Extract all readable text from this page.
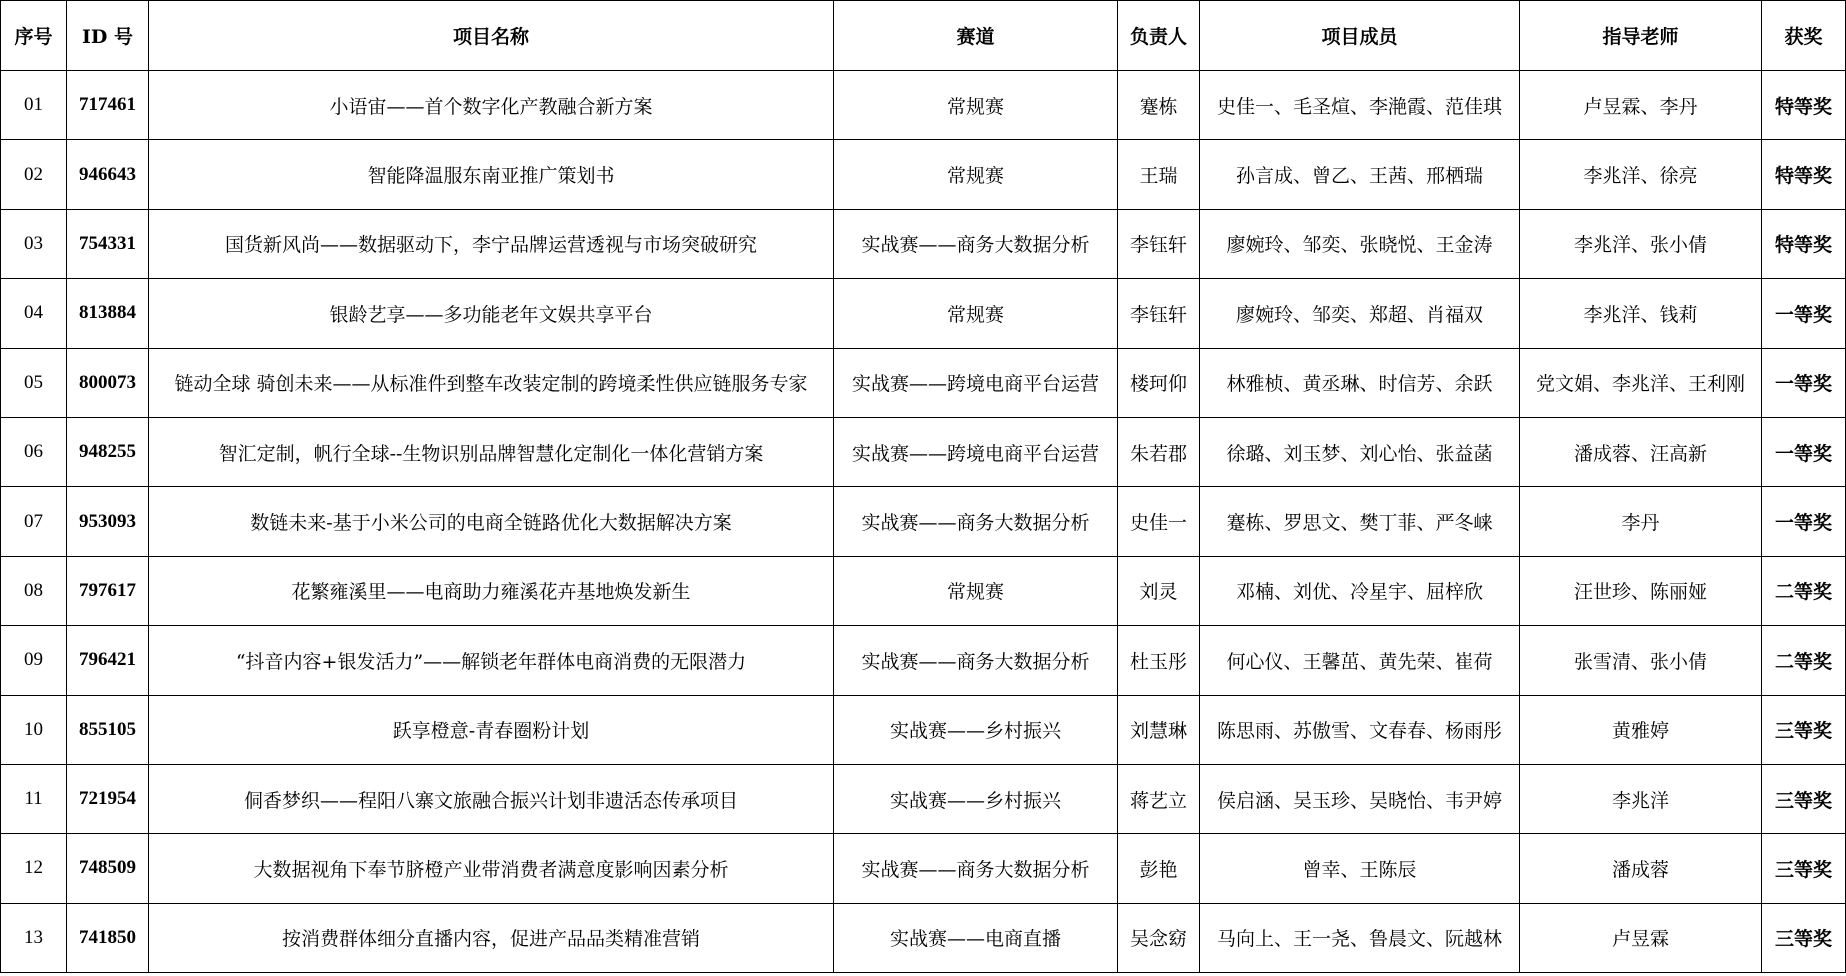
序号	ID 号	项目名称	赛道	负责人	项目成员	指导老师	获奖
01	717461	小语宙——首个数字化产教融合新方案	常规赛	蹇栋	史佳一、毛圣煊、李滟霞、范佳琪	卢昱霖、李丹	特等奖
02	946643	智能降温服东南亚推广策划书	常规赛	王瑞	孙言成、曾乙、王茜、邢栖瑞	李兆洋、徐亮	特等奖
03	754331	国货新风尚——数据驱动下，李宁品牌运营透视与市场突破研究	实战赛——商务大数据分析	李钰轩	廖婉玲、邹奕、张晓悦、王金涛	李兆洋、张小倩	特等奖
04	813884	银龄艺享——多功能老年文娱共享平台	常规赛	李钰轩	廖婉玲、邹奕、郑超、肖福双	李兆洋、钱莉	一等奖
05	800073	链动全球 骑创未来——从标准件到整车改装定制的跨境柔性供应链服务专家	实战赛——跨境电商平台运营	楼珂仰	林雅桢、黄丞琳、时信芳、余跃	党文娟、李兆洋、王利刚	一等奖
06	948255	智汇定制，帆行全球--生物识别品牌智慧化定制化一体化营销方案	实战赛——跨境电商平台运营	朱若郡	徐璐、刘玉梦、刘心怡、张益菡	潘成蓉、汪高新	一等奖
07	953093	数链未来-基于小米公司的电商全链路优化大数据解决方案	实战赛——商务大数据分析	史佳一	蹇栋、罗思文、樊丁菲、严冬崃	李丹	一等奖
08	797617	花繁雍溪里——电商助力雍溪花卉基地焕发新生	常规赛	刘灵	邓楠、刘优、冷星宇、屈梓欣	汪世珍、陈丽娅	二等奖
09	796421	“抖音内容+银发活力”——解锁老年群体电商消费的无限潜力	实战赛——商务大数据分析	杜玉彤	何心仪、王馨茁、黄先荣、崔荷	张雪清、张小倩	二等奖
10	855105	跃享橙意-青春圈粉计划	实战赛——乡村振兴	刘慧琳	陈思雨、苏傲雪、文春春、杨雨彤	黄雅婷	三等奖
11	721954	侗香梦织——程阳八寨文旅融合振兴计划非遗活态传承项目	实战赛——乡村振兴	蒋艺立	侯启涵、吴玉珍、吴晓怡、韦尹婷	李兆洋	三等奖
12	748509	大数据视角下奉节脐橙产业带消费者满意度影响因素分析	实战赛——商务大数据分析	彭艳	曾幸、王陈辰	潘成蓉	三等奖
13	741850	按消费群体细分直播内容，促进产品品类精准营销	实战赛——电商直播	吴念窈	马向上、王一尧、鲁晨文、阮越林	卢昱霖	三等奖
